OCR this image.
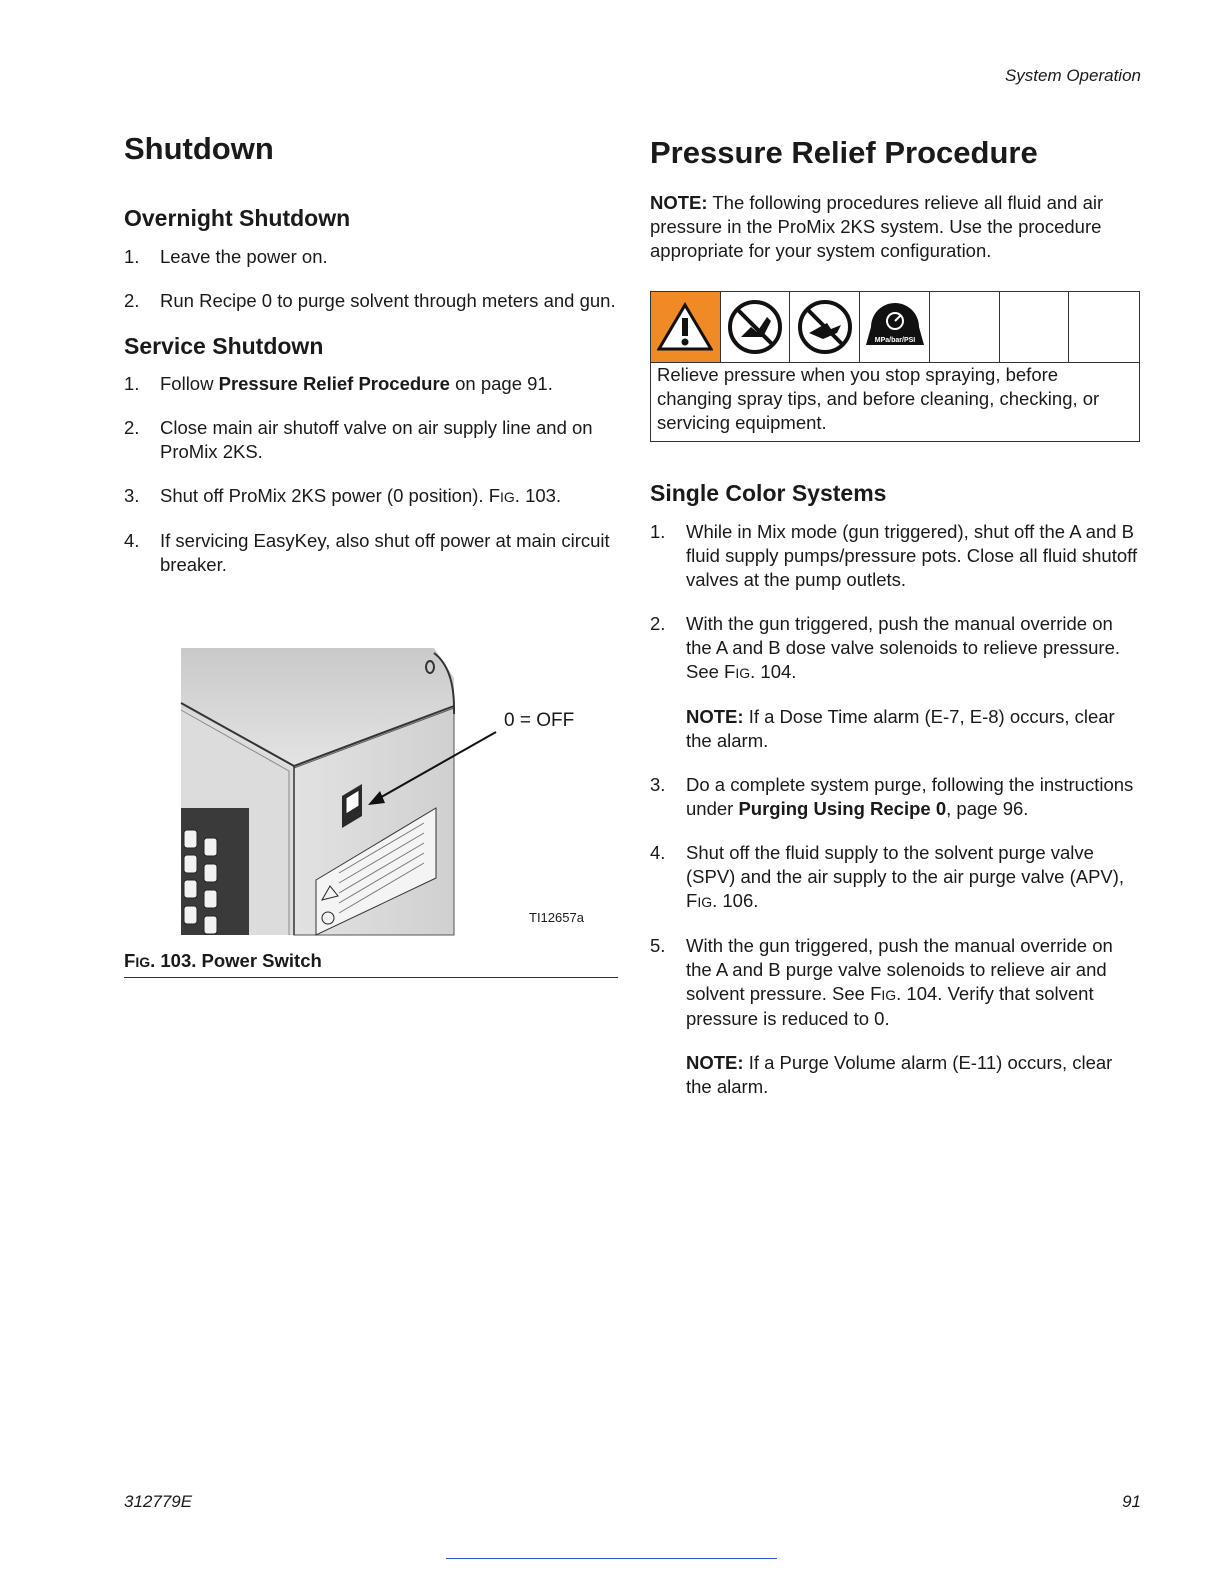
System Operation
Shutdown
Overnight Shutdown
1. Leave the power on.
2. Run Recipe 0 to purge solvent through meters and gun.
Service Shutdown
1. Follow Pressure Relief Procedure on page 91.
2. Close main air shutoff valve on air supply line and on ProMix 2KS.
3. Shut off ProMix 2KS power (0 position). FIG. 103.
4. If servicing EasyKey, also shut off power at main circuit breaker.
0 = OFF
TI12657a
FIG. 103. Power Switch
Pressure Relief Procedure

NOTE: The following procedures relieve all fluid and air pressure in the ProMix 2KS system. Use the procedure appropriate for your system configuration.

MPa/bar/PSI
Relieve pressure when you stop spraying, before changing spray tips, and before cleaning, checking, or servicing equipment.
Single Color Systems
1. While in Mix mode (gun triggered), shut off the A and B fluid supply pumps/pressure pots. Close all fluid shutoff valves at the pump outlets.
2. With the gun triggered, push the manual override on the A and B dose valve solenoids to relieve pressure. See FIG. 104.

NOTE: If a Dose Time alarm (E-7, E-8) occurs, clear the alarm.

3. Do a complete system purge, following the instructions under Purging Using Recipe 0, page 96.
4. Shut off the fluid supply to the solvent purge valve (SPV) and the air supply to the air purge valve (APV), FIG. 106.
5. With the gun triggered, push the manual override on the A and B purge valve solenoids to relieve air and solvent pressure. See FIG. 104. Verify that solvent pressure is reduced to 0.

NOTE: If a Purge Volume alarm (E-11) occurs, clear the alarm.

312779E	91
